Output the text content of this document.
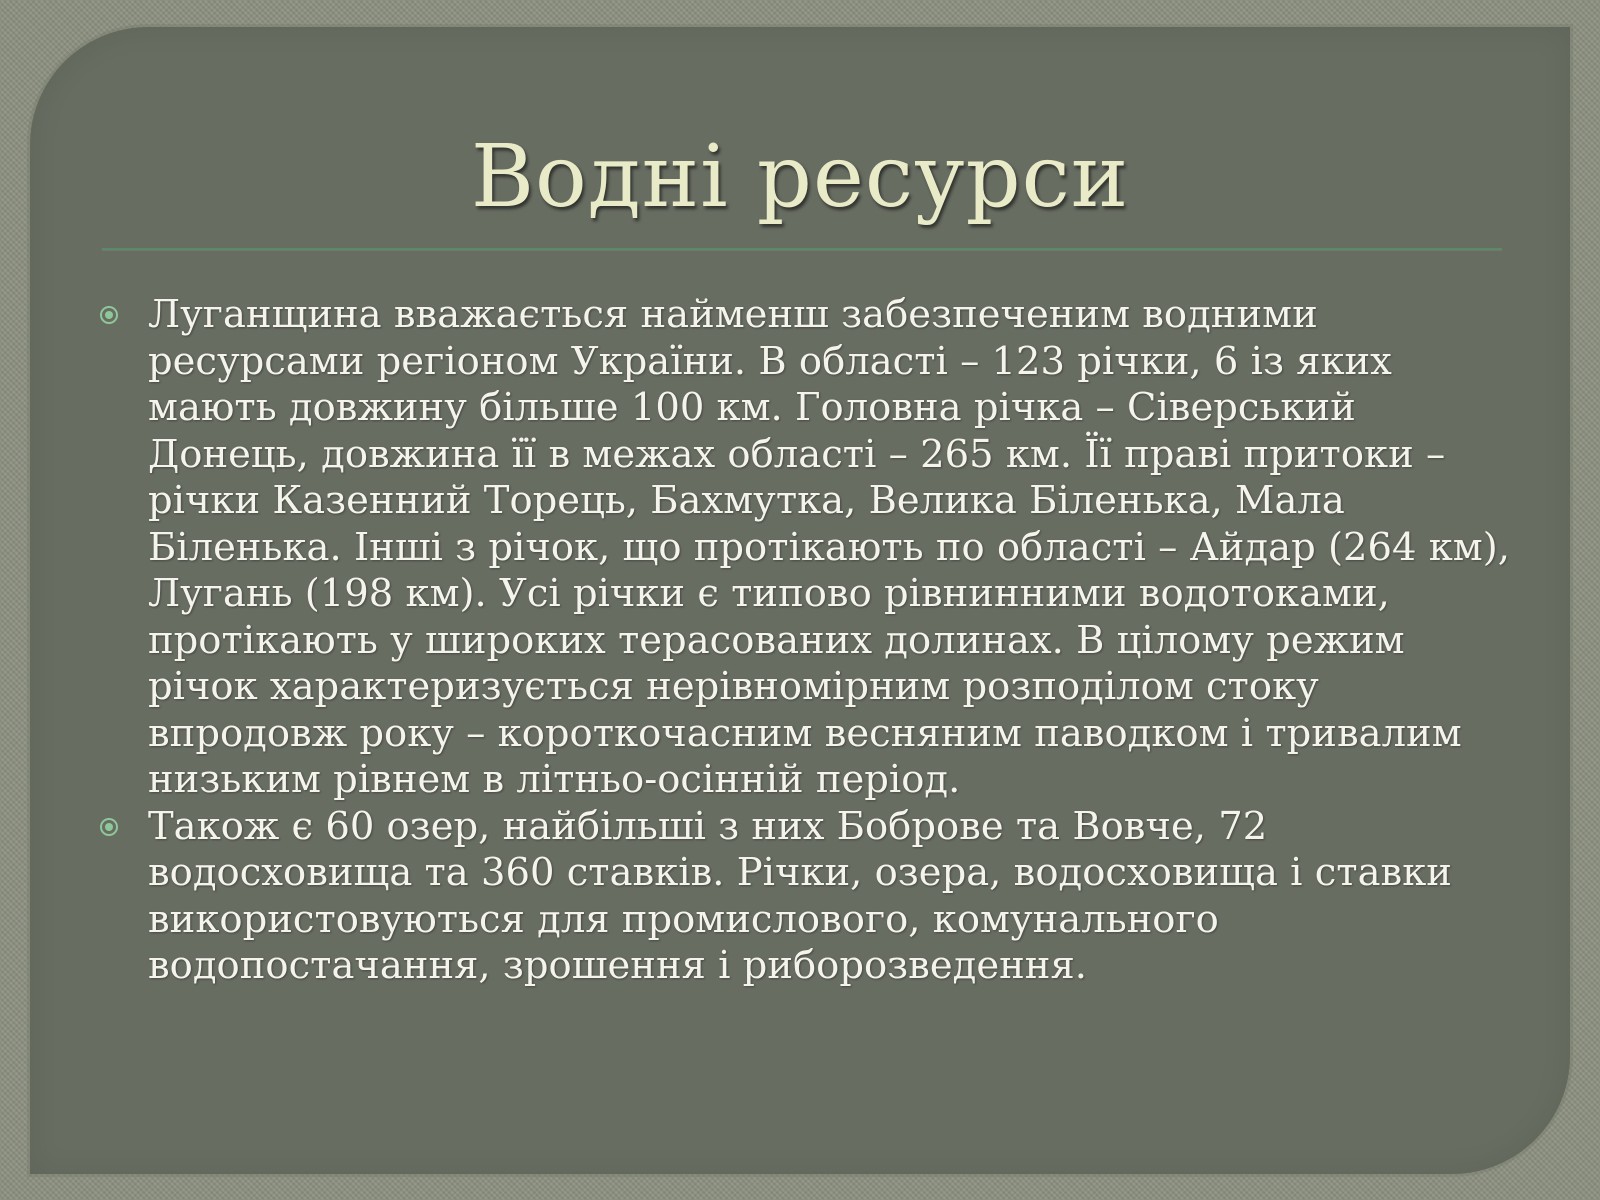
Водні ресурси
Луганщина вважається найменш забезпеченим водними ресурсами регіоном України. В області – 123 річки, 6 із яких мають довжину більше 100 км. Головна річка – Сіверський Донець, довжина її в межах області – 265 км. Її праві притоки – річки Казенний Торець, Бахмутка, Велика Біленька, Мала Біленька. Інші з річок, що протікають по області – Айдар (264 км), Лугань (198 км). Усі річки є типово рівнинними водотоками, протікають у широких терасованих долинах. В цілому режим річок характеризується нерівномірним розподілом стоку впродовж року – короткочасним весняним паводком і тривалим низьким рівнем в літньо-осінній період.
Також є 60 озер, найбільші з них Боброве та Вовче, 72 водосховища та 360 ставків. Річки, озера, водосховища і ставки використовуються для промислового, комунального водопостачання, зрошення і риборозведення.
